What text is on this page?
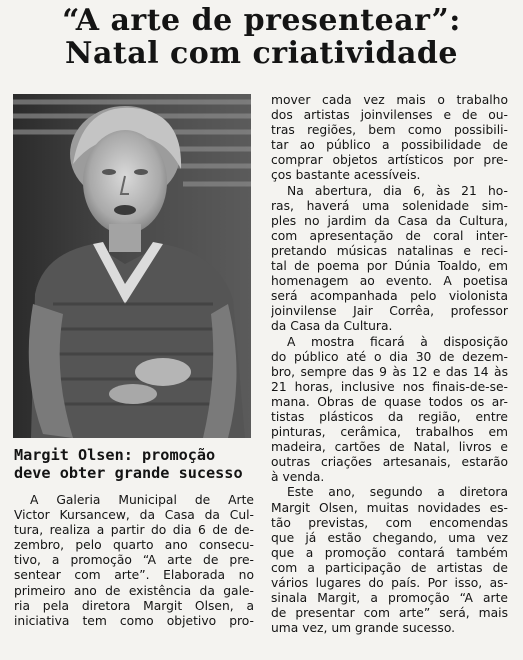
“A arte de presentear”:
Natal com criatividade
Margit Olsen: promoção
deve obter grande sucesso
A Galeria Municipal de Arte
Victor Kursancew, da Casa da Cul-
tura, realiza a partir do dia 6 de de-
zembro, pelo quarto ano consecu-
tivo, a promoção “A arte de pre-
sentear com arte”. Elaborada no
primeiro ano de existência da gale-
ria pela diretora Margit Olsen, a
iniciativa tem como objetivo pro-
mover cada vez mais o trabalho
dos artistas joinvilenses e de ou-
tras regiões, bem como possibili-
tar ao público a possibilidade de
comprar objetos artísticos por pre-
ços bastante acessíveis.
Na abertura, dia 6, às 21 ho-
ras, haverá uma solenidade sim-
ples no jardim da Casa da Cultura,
com apresentação de coral inter-
pretando músicas natalinas e reci-
tal de poema por Dúnia Toaldo, em
homenagem ao evento. A poetisa
será acompanhada pelo violonista
joinvilense Jair Corrêa, professor
da Casa da Cultura.
A mostra ficará à disposição
do público até o dia 30 de dezem-
bro, sempre das 9 às 12 e das 14 às
21 horas, inclusive nos finais-de-se-
mana. Obras de quase todos os ar-
tistas plásticos da região, entre
pinturas, cerâmica, trabalhos em
madeira, cartões de Natal, livros e
outras criações artesanais, estarão
à venda.
Este ano, segundo a diretora
Margit Olsen, muitas novidades es-
tão previstas, com encomendas
que já estão chegando, uma vez
que a promoção contará também
com a participação de artistas de
vários lugares do país. Por isso, as-
sinala Margit, a promoção “A arte
de presentar com arte” será, mais
uma vez, um grande sucesso.
